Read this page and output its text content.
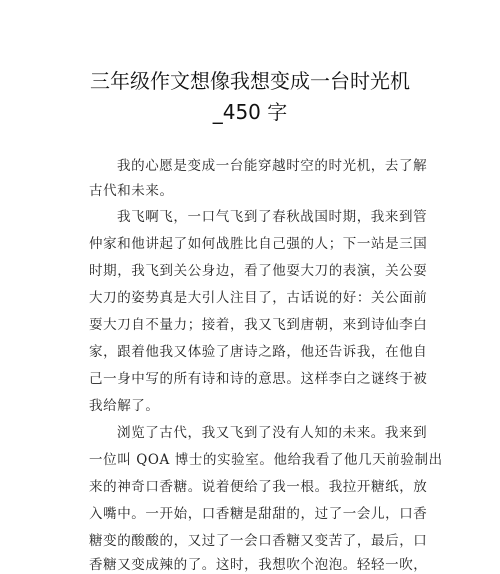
三年级作文想像我想变成一台时光机
_450 字
我的心愿是变成一台能穿越时空的时光机，去了解
古代和未来。
我飞啊飞，一口气飞到了春秋战国时期，我来到管
仲家和他讲起了如何战胜比自己强的人；下一站是三国
时期，我飞到关公身边，看了他耍大刀的表演，关公耍
大刀的姿势真是大引人注目了，古话说的好：关公面前
耍大刀自不量力；接着，我又飞到唐朝，来到诗仙李白
家，跟着他我又体验了唐诗之路，他还告诉我，在他自
己一身中写的所有诗和诗的意思。这样李白之谜终于被
我给解了。
浏览了古代，我又飞到了没有人知的未来。我来到
一位叫 QOA 博士的实验室。他给我看了他几天前验制出
来的神奇口香糖。说着便给了我一根。我拉开糖纸，放
入嘴中。一开始，口香糖是甜甜的，过了一会儿，口香
糖变的酸酸的，又过了一会口香糖又变苦了，最后，口
香糖又变成辣的了。这时，我想吹个泡泡。轻轻一吹，
